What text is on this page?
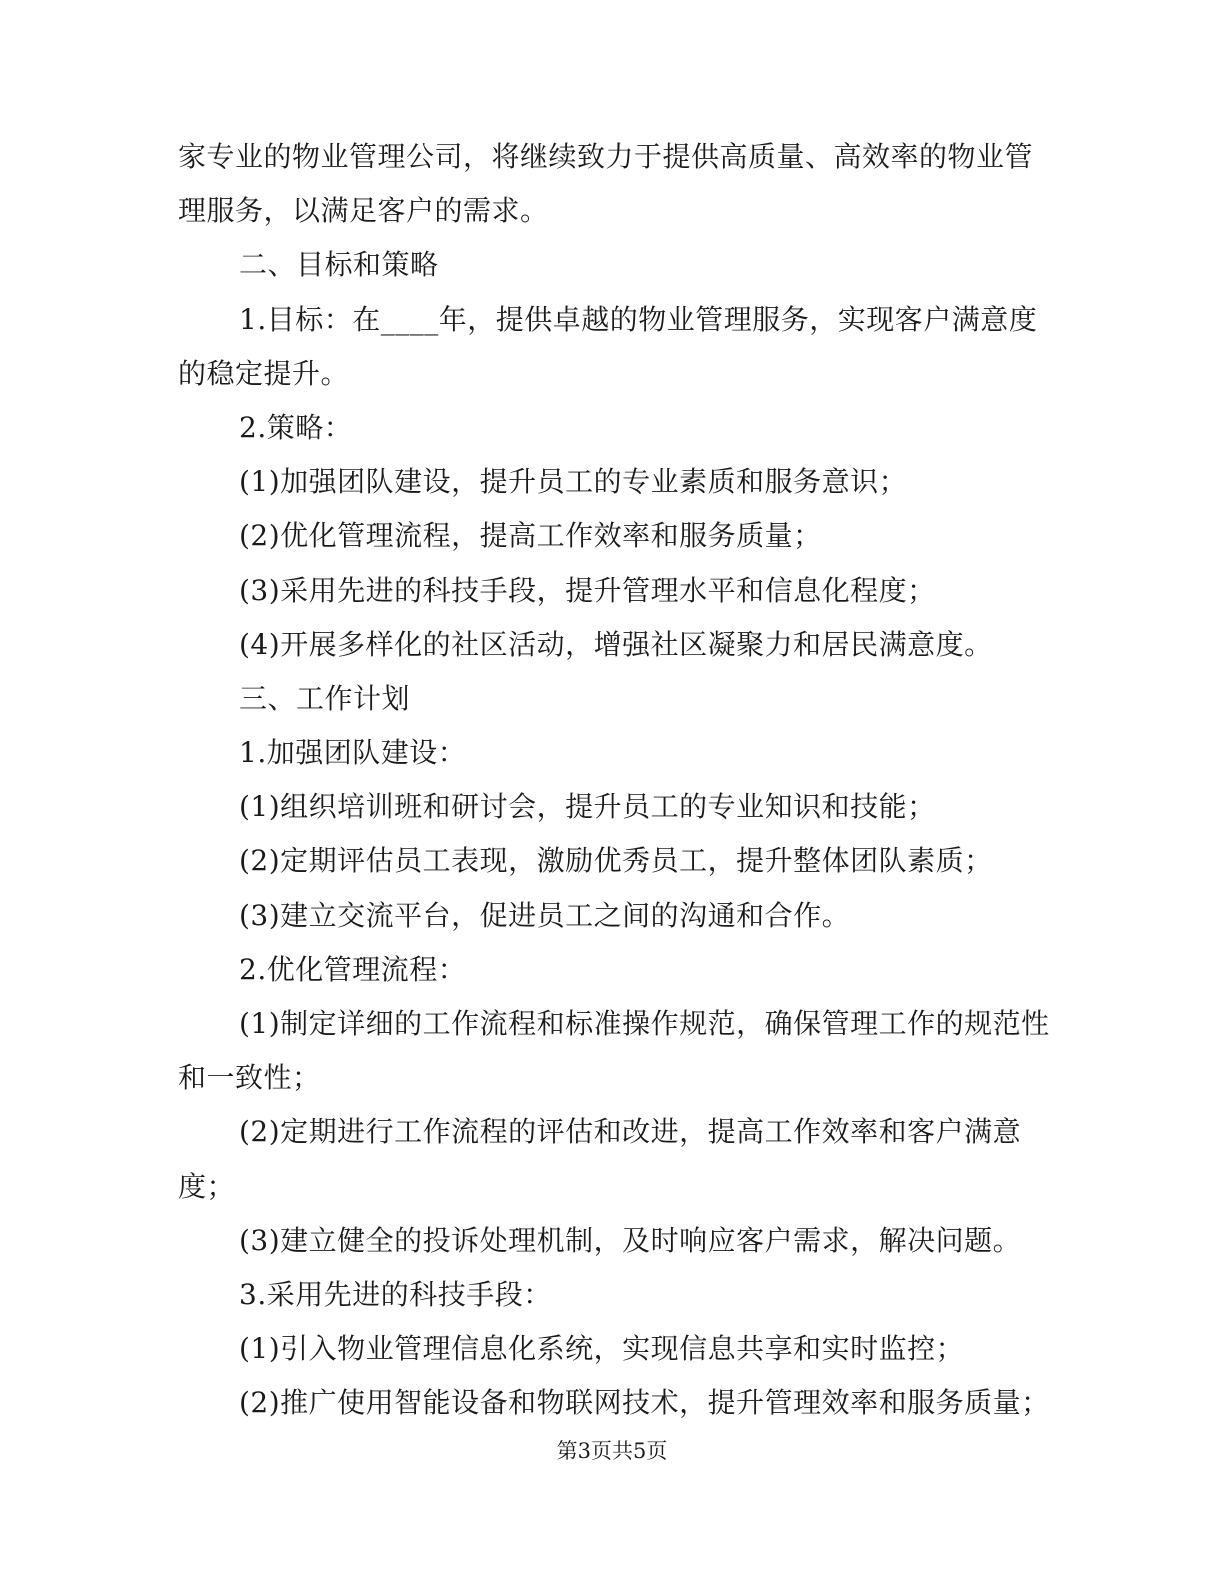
家专业的物业管理公司，将继续致力于提供高质量、高效率的物业管
理服务，以满足客户的需求。
二、目标和策略
1.目标：在____年，提供卓越的物业管理服务，实现客户满意度
的稳定提升。
2.策略：
(1)加强团队建设，提升员工的专业素质和服务意识；
(2)优化管理流程，提高工作效率和服务质量；
(3)采用先进的科技手段，提升管理水平和信息化程度；
(4)开展多样化的社区活动，增强社区凝聚力和居民满意度。
三、工作计划
1.加强团队建设：
(1)组织培训班和研讨会，提升员工的专业知识和技能；
(2)定期评估员工表现，激励优秀员工，提升整体团队素质；
(3)建立交流平台，促进员工之间的沟通和合作。
2.优化管理流程：
(1)制定详细的工作流程和标准操作规范，确保管理工作的规范性
和一致性；
(2)定期进行工作流程的评估和改进，提高工作效率和客户满意
度；
(3)建立健全的投诉处理机制，及时响应客户需求，解决问题。
3.采用先进的科技手段：
(1)引入物业管理信息化系统，实现信息共享和实时监控；
(2)推广使用智能设备和物联网技术，提升管理效率和服务质量；
第3页共5页
